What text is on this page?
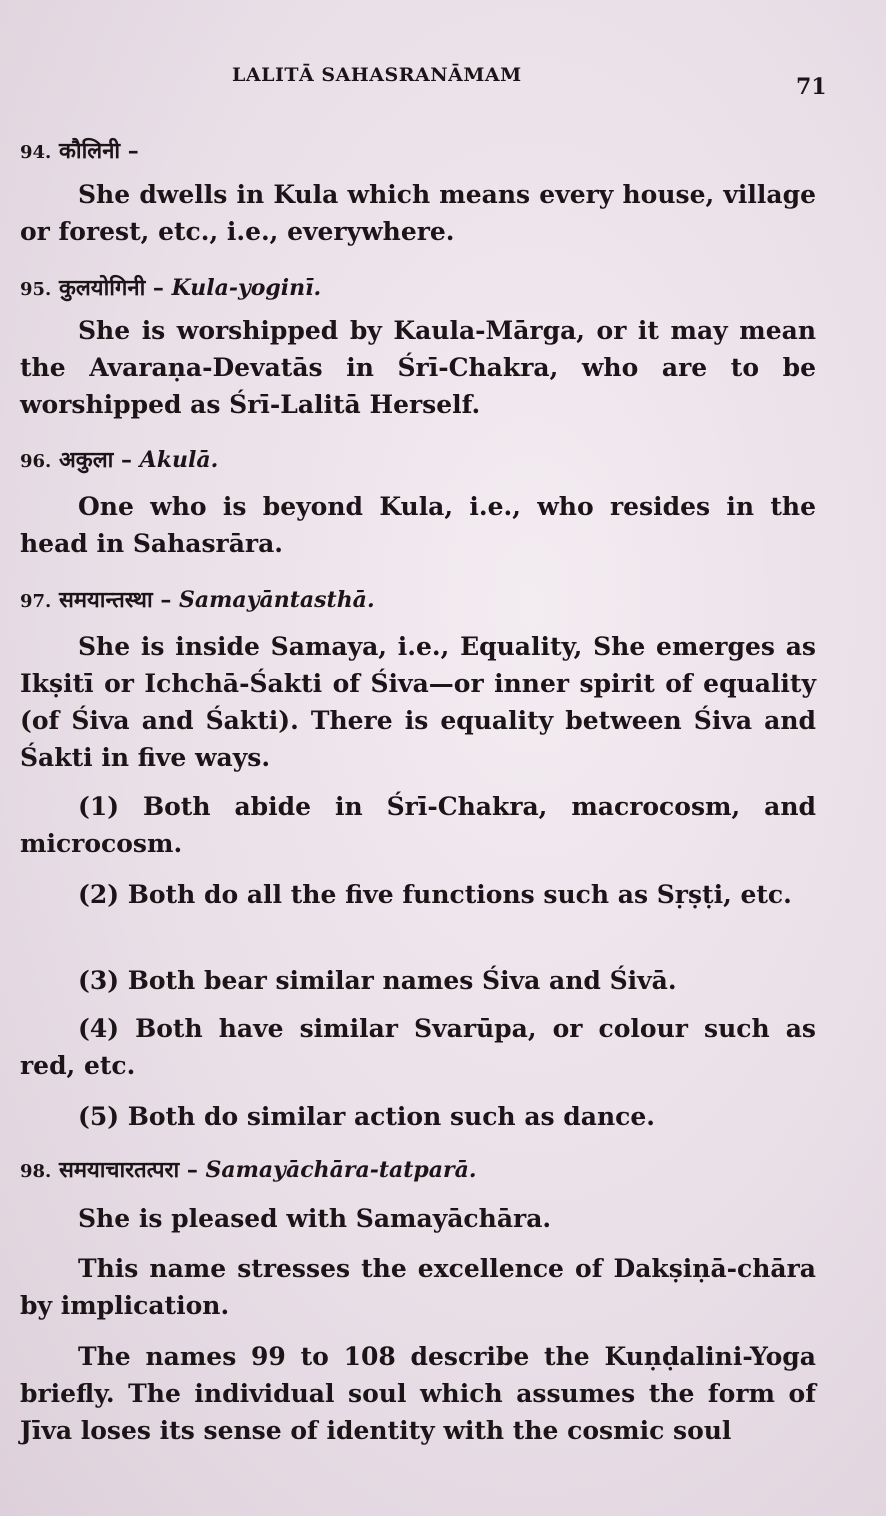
LALITĀ SAHASRANĀMAM	71
94. कौलिनी –
She dwells in Kula which means every house, village or forest, etc., i.e., everywhere.
95. कुलयोगिनी – Kula-yoginī.
She is worshipped by Kaula-Mārga, or it may mean the Avaraṇa-Devatās in Śrī-Chakra, who are to be worshipped as Śrī-Lalitā Herself.
96. अकुला – Akulā.
One who is beyond Kula, i.e., who resides in the head in Sahasrāra.
97. समयान्तस्था – Samayāntasthā.
She is inside Samaya, i.e., Equality, She emerges as Ikṣitī or Ichchā-Śakti of Śiva—or inner spirit of equality (of Śiva and Śakti). There is equality between Śiva and Śakti in five ways.
(1) Both abide in Śrī-Chakra, macrocosm, and microcosm.
(2) Both do all the five functions such as Sṛṣṭi, etc.
(3) Both bear similar names Śiva and Śivā.
(4) Both have similar Svarūpa, or colour such as red, etc.
(5) Both do similar action such as dance.
98. समयाचारतत्परा – Samayāchāra-tatparā.
She is pleased with Samayāchāra.
This name stresses the excellence of Dakṣiṇā-chāra by implication.
The names 99 to 108 describe the Kuṇḍalini-Yoga briefly. The individual soul which assumes the form of Jīva loses its sense of identity with the cosmic soul
